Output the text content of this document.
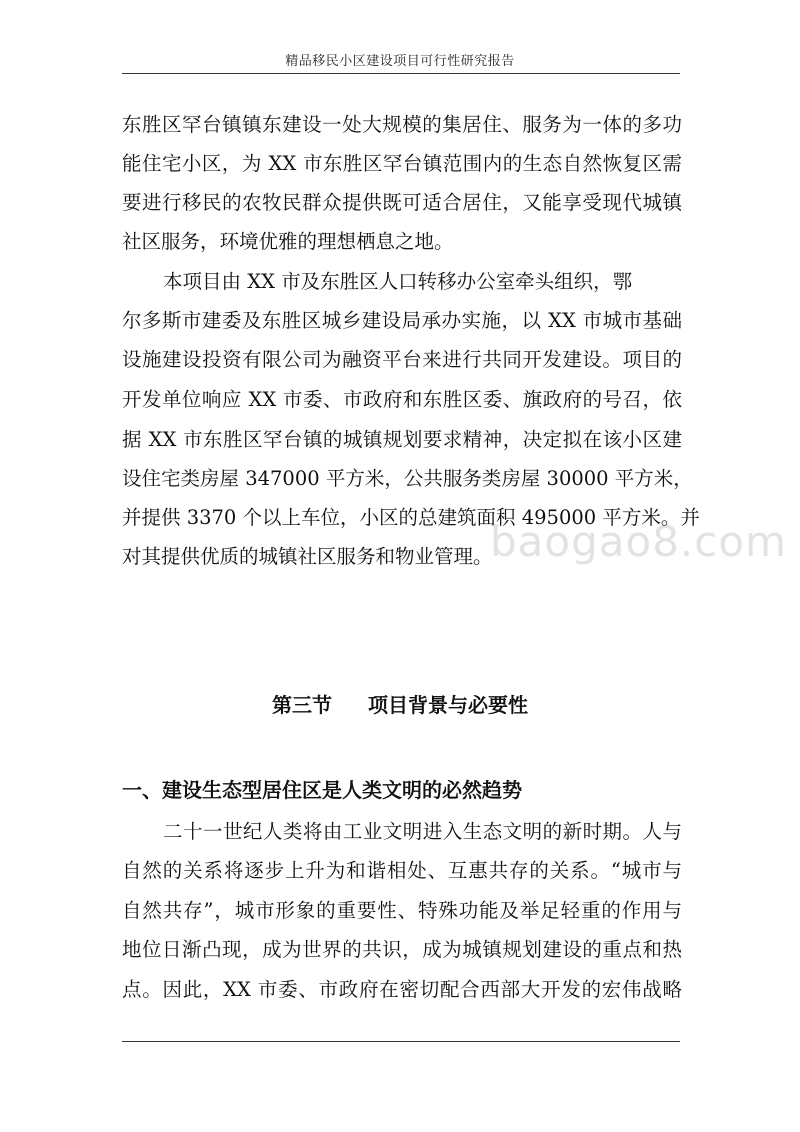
精品移民小区建设项目可行性研究报告
东胜区罕台镇镇东建设一处大规模的集居住、服务为一体的多功
能住宅小区，为 XX 市东胜区罕台镇范围内的生态自然恢复区需
要进行移民的农牧民群众提供既可适合居住，又能享受现代城镇
社区服务，环境优雅的理想栖息之地。
本项目由 XX 市及东胜区人口转移办公室牵头组织，鄂
尔多斯市建委及东胜区城乡建设局承办实施，以 XX 市城市基础
设施建设投资有限公司为融资平台来进行共同开发建设。项目的
开发单位响应 XX 市委、市政府和东胜区委、旗政府的号召，依
据 XX 市东胜区罕台镇的城镇规划要求精神，决定拟在该小区建
设住宅类房屋 347000 平方米，公共服务类房屋 30000 平方米，
并提供 3370 个以上车位，小区的总建筑面积 495000 平方米。并
对其提供优质的城镇社区服务和物业管理。
baogao8.com
第三节 项目背景与必要性
一、建设生态型居住区是人类文明的必然趋势
二十一世纪人类将由工业文明进入生态文明的新时期。人与
自然的关系将逐步上升为和谐相处、互惠共存的关系。“城市与
自然共存”，城市形象的重要性、特殊功能及举足轻重的作用与
地位日渐凸现，成为世界的共识，成为城镇规划建设的重点和热
点。因此，XX 市委、市政府在密切配合西部大开发的宏伟战略
